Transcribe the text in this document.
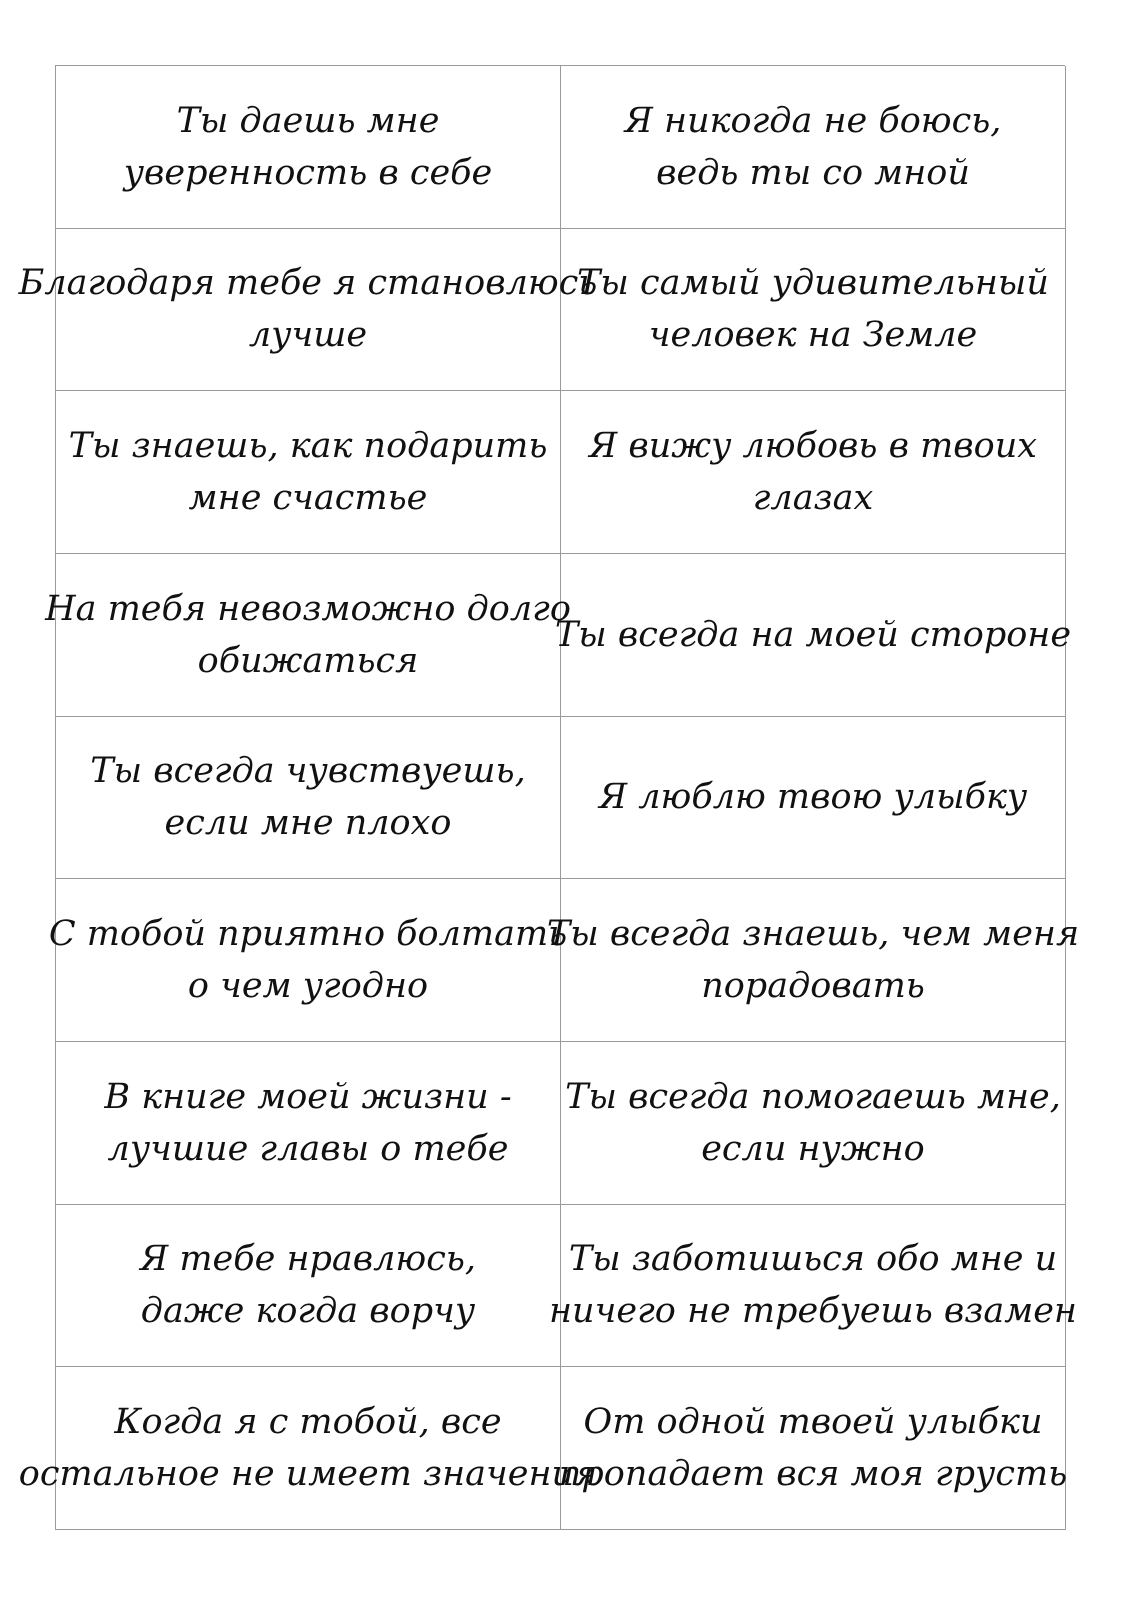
Ты даешь мне
уверенность в себе
Я никогда не боюсь,
ведь ты со мной
Благодаря тебе я становлюсь
лучше
Ты самый удивительный
человек на Земле
Ты знаешь, как подарить
мне счастье
Я вижу любовь в твоих
глазах
На тебя невозможно долго
обижаться
Ты всегда на моей стороне
Ты всегда чувствуешь,
если мне плохо
Я люблю твою улыбку
С тобой приятно болтать
о чем угодно
Ты всегда знаешь, чем меня
порадовать
В книге моей жизни -
лучшие главы о тебе
Ты всегда помогаешь мне,
если нужно
Я тебе нравлюсь,
даже когда ворчу
Ты заботишься обо мне и
ничего не требуешь взамен
Когда я с тобой, все
остальное не имеет значения
От одной твоей улыбки
пропадает вся моя грусть
